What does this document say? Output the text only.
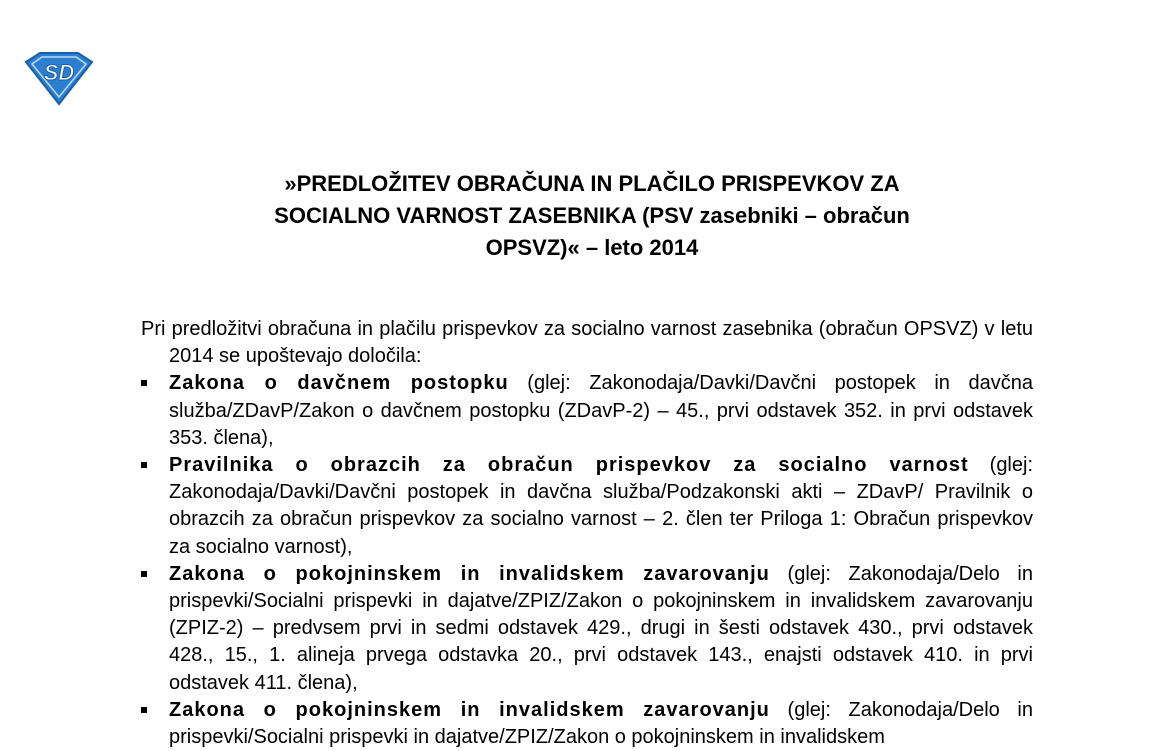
SD
»PREDLOŽITEV OBRAČUNA IN PLAČILO PRISPEVKOV ZA
SOCIALNO VARNOST ZASEBNIKA (PSV zasebniki – obračun
OPSVZ)« – leto 2014

Pri predložitvi obračuna in plačilu prispevkov za socialno varnost zasebnika (obračun OPSVZ) v letu 2014 se upoštevajo določila:

Zakona o davčnem postopku (glej: Zakonodaja/Davki/Davčni postopek in davčna služba/ZDavP/Zakon o davčnem postopku (ZDavP-2) – 45., prvi odstavek 352. in prvi odstavek 353. člena),
Pravilnika o obrazcih za obračun prispevkov za socialno varnost (glej: Zakonodaja/Davki/Davčni postopek in davčna služba/Podzakonski akti – ZDavP/ Pravilnik o obrazcih za obračun prispevkov za socialno varnost – 2. člen ter Priloga 1: Obračun prispevkov za socialno varnost),
Zakona o pokojninskem in invalidskem zavarovanju (glej: Zakonodaja/Delo in prispevki/Socialni prispevki in dajatve/ZPIZ/Zakon o pokojninskem in invalidskem zavarovanju (ZPIZ-2) – predvsem prvi in sedmi odstavek 429., drugi in šesti odstavek 430., prvi odstavek 428., 15., 1. alineja prvega odstavka 20., prvi odstavek 143., enajsti odstavek 410. in prvi odstavek 411. člena),
Zakona o pokojninskem in invalidskem zavarovanju (glej: Zakonodaja/Delo in prispevki/Socialni prispevki in dajatve/ZPIZ/Zakon o pokojninskem in invalidskem
